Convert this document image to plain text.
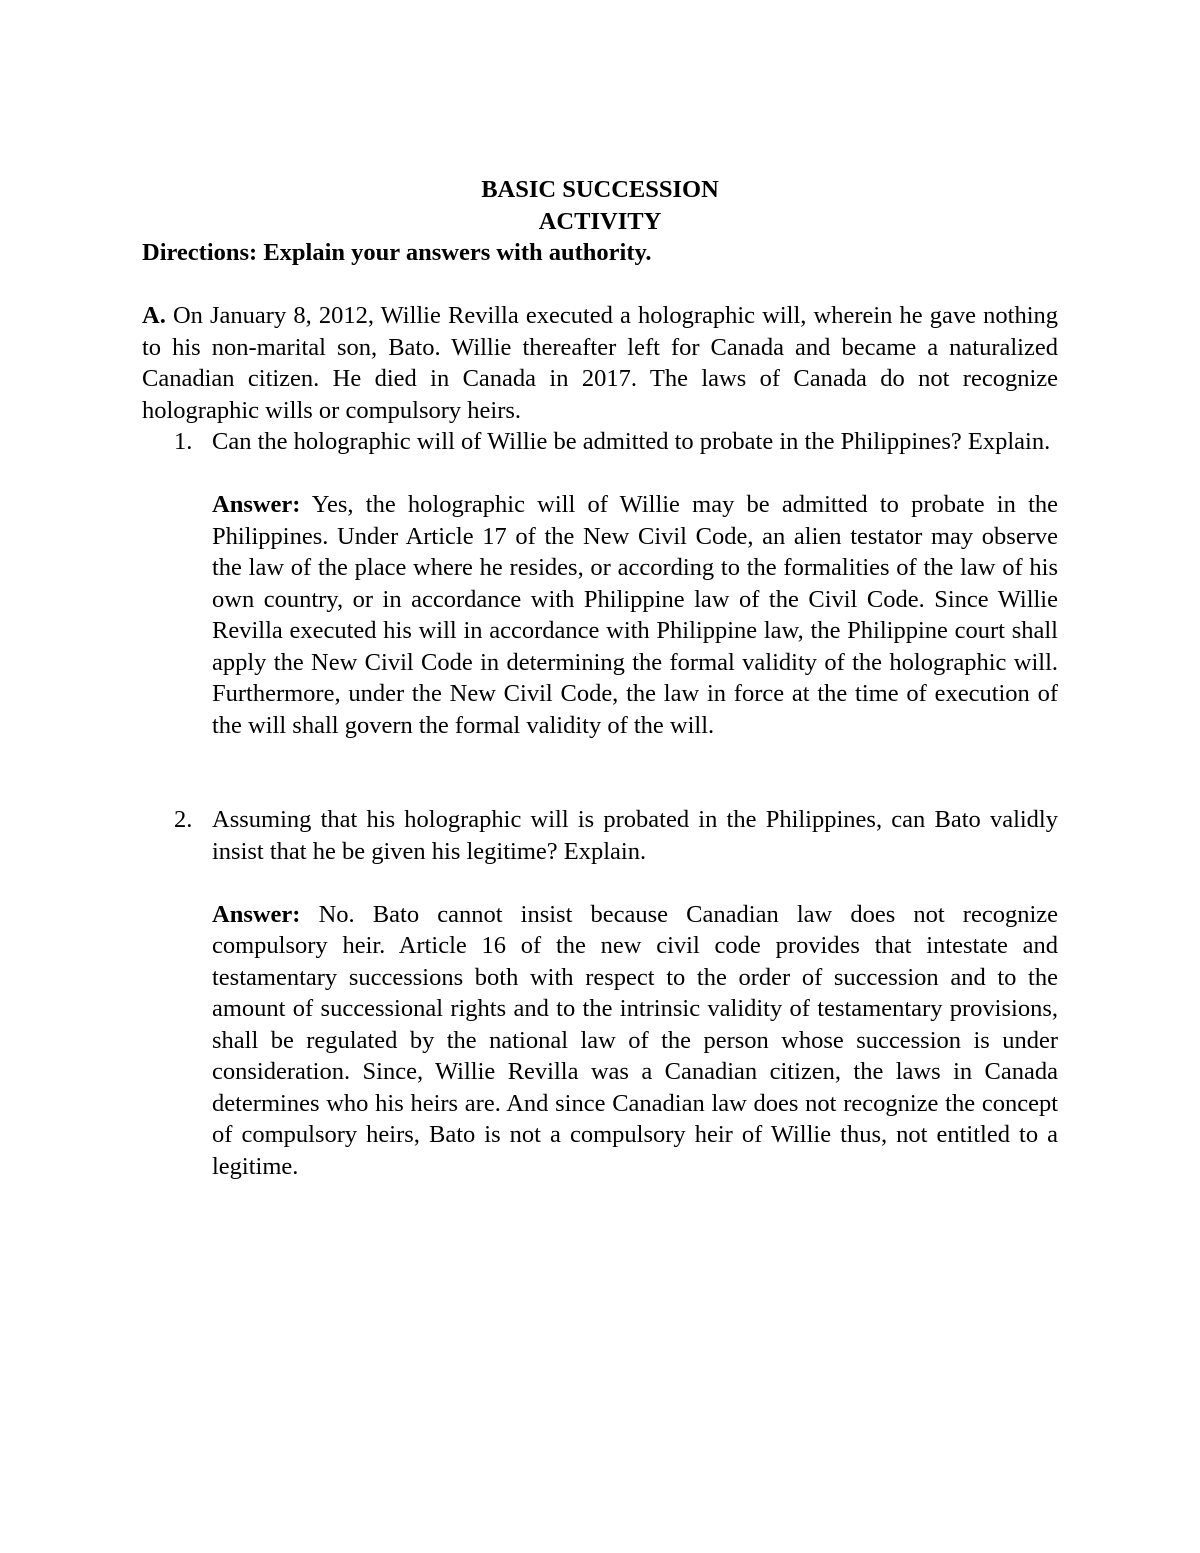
BASIC SUCCESSION

ACTIVITY

Directions: Explain your answers with authority.

A. On January 8, 2012, Willie Revilla executed a holographic will, wherein he gave nothing to his non-marital son, Bato. Willie thereafter left for Canada and became a naturalized Canadian citizen. He died in Canada in 2017. The laws of Canada do not recognize holographic wills or compulsory heirs.

1. Can the holographic will of Willie be admitted to probate in the Philippines? Explain.

Answer: Yes, the holographic will of Willie may be admitted to probate in the Philippines. Under Article 17 of the New Civil Code, an alien testator may observe the law of the place where he resides, or according to the formalities of the law of his own country, or in accordance with Philippine law of the Civil Code. Since Willie Revilla executed his will in accordance with Philippine law, the Philippine court shall apply the New Civil Code in determining the formal validity of the holographic will. Furthermore, under the New Civil Code, the law in force at the time of execution of the will shall govern the formal validity of the will.

2. Assuming that his holographic will is probated in the Philippines, can Bato validly insist that he be given his legitime? Explain.

Answer: No. Bato cannot insist because Canadian law does not recognize compulsory heir. Article 16 of the new civil code provides that intestate and testamentary successions both with respect to the order of succession and to the amount of successional rights and to the intrinsic validity of testamentary provisions, shall be regulated by the national law of the person whose succession is under consideration. Since, Willie Revilla was a Canadian citizen, the laws in Canada determines who his heirs are. And since Canadian law does not recognize the concept of compulsory heirs, Bato is not a compulsory heir of Willie thus, not entitled to a legitime.
